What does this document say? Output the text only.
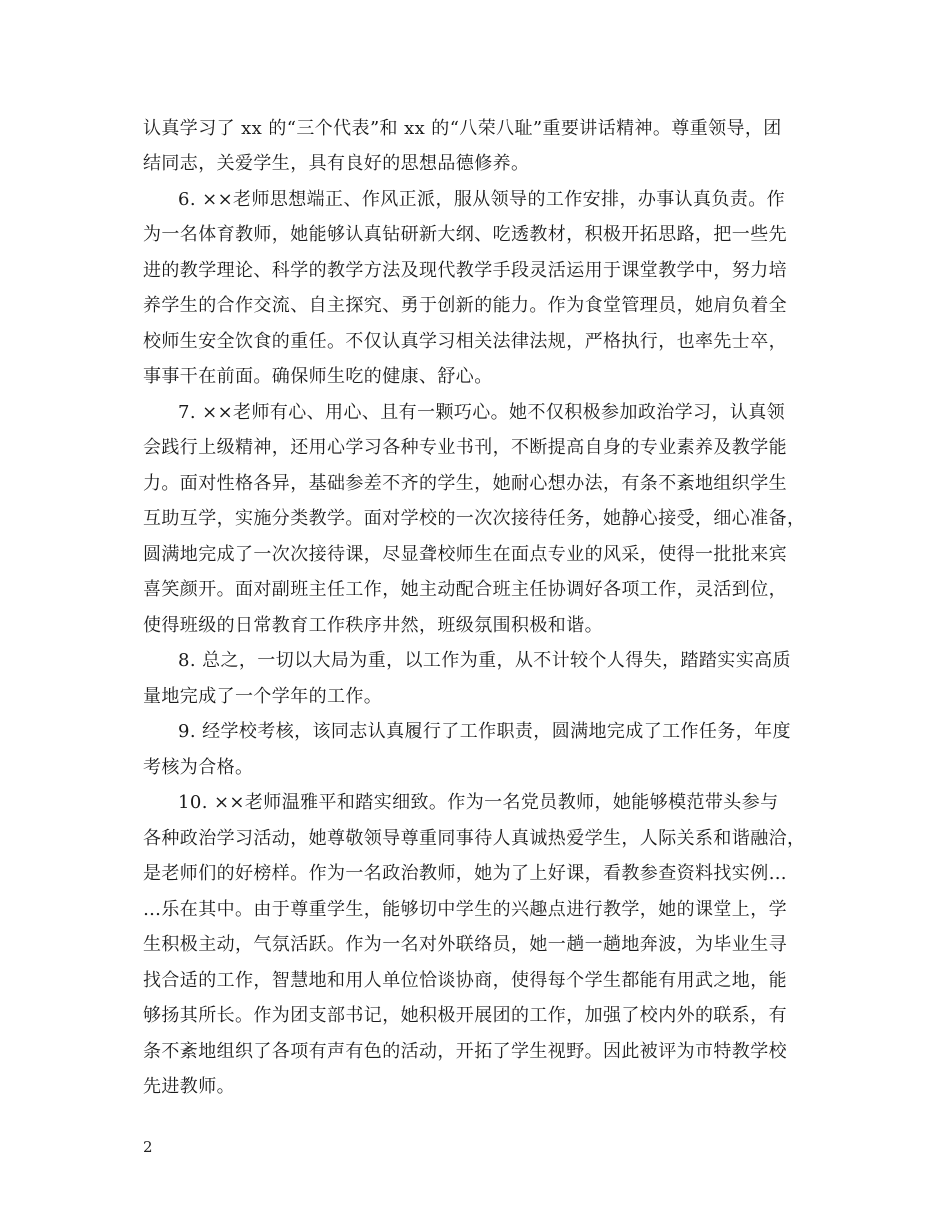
认真学习了 xx 的“三个代表”和 xx 的“八荣八耻”重要讲话精神。尊重领导，团
结同志，关爱学生，具有良好的思想品德修养。
6. ××老师思想端正、作风正派，服从领导的工作安排，办事认真负责。作
为一名体育教师，她能够认真钻研新大纲、吃透教材，积极开拓思路，把一些先
进的教学理论、科学的教学方法及现代教学手段灵活运用于课堂教学中，努力培
养学生的合作交流、自主探究、勇于创新的能力。作为食堂管理员，她肩负着全
校师生安全饮食的重任。不仅认真学习相关法律法规，严格执行，也率先士卒，
事事干在前面。确保师生吃的健康、舒心。
7. ××老师有心、用心、且有一颗巧心。她不仅积极参加政治学习，认真领
会践行上级精神，还用心学习各种专业书刊，不断提高自身的专业素养及教学能
力。面对性格各异，基础参差不齐的学生，她耐心想办法，有条不紊地组织学生
互助互学，实施分类教学。面对学校的一次次接待任务，她静心接受，细心准备，
圆满地完成了一次次接待课，尽显聋校师生在面点专业的风采，使得一批批来宾
喜笑颜开。面对副班主任工作，她主动配合班主任协调好各项工作，灵活到位，
使得班级的日常教育工作秩序井然，班级氛围积极和谐。
8. 总之，一切以大局为重，以工作为重，从不计较个人得失，踏踏实实高质
量地完成了一个学年的工作。
9. 经学校考核，该同志认真履行了工作职责，圆满地完成了工作任务，年度
考核为合格。
10. ××老师温雅平和踏实细致。作为一名党员教师，她能够模范带头参与
各种政治学习活动，她尊敬领导尊重同事待人真诚热爱学生，人际关系和谐融洽，
是老师们的好榜样。作为一名政治教师，她为了上好课，看教参查资料找实例…
…乐在其中。由于尊重学生，能够切中学生的兴趣点进行教学，她的课堂上，学
生积极主动，气氛活跃。作为一名对外联络员，她一趟一趟地奔波，为毕业生寻
找合适的工作，智慧地和用人单位恰谈协商，使得每个学生都能有用武之地，能
够扬其所长。作为团支部书记，她积极开展团的工作，加强了校内外的联系，有
条不紊地组织了各项有声有色的活动，开拓了学生视野。因此被评为市特教学校
先进教师。
2
